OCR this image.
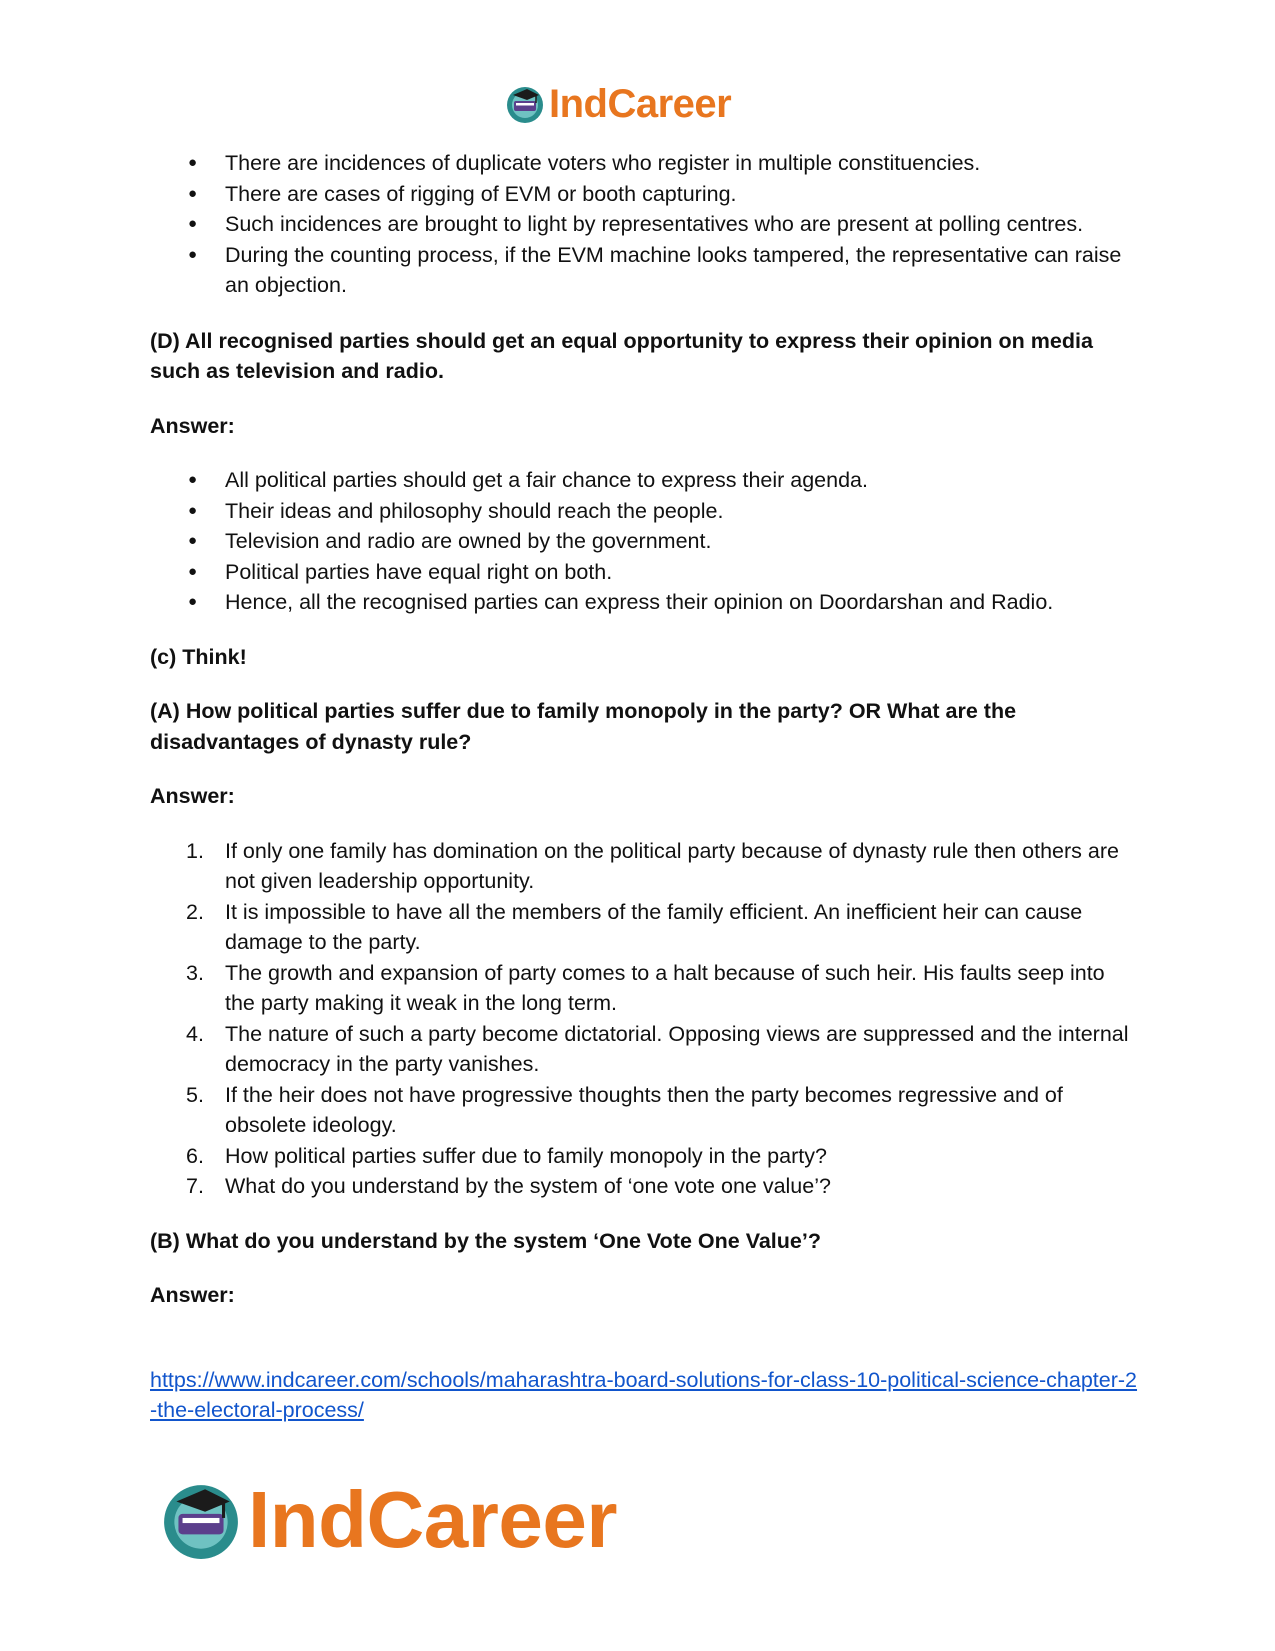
IndCareer
● There are incidences of duplicate voters who register in multiple constituencies.
● There are cases of rigging of EVM or booth capturing.
● Such incidences are brought to light by representatives who are present at polling centres.
● During the counting process, if the EVM machine looks tampered, the representative can raise an objection.

(D) All recognised parties should get an equal opportunity to express their opinion on media such as television and radio.

Answer:

● All political parties should get a fair chance to express their agenda.
● Their ideas and philosophy should reach the people.
● Television and radio are owned by the government.
● Political parties have equal right on both.
● Hence, all the recognised parties can express their opinion on Doordarshan and Radio.

(c) Think!

(A) How political parties suffer due to family monopoly in the party? OR What are the disadvantages of dynasty rule?

Answer:

1. If only one family has domination on the political party because of dynasty rule then others are not given leadership opportunity.
2. It is impossible to have all the members of the family efficient. An inefficient heir can cause damage to the party.
3. The growth and expansion of party comes to a halt because of such heir. His faults seep into the party making it weak in the long term.
4. The nature of such a party become dictatorial. Opposing views are suppressed and the internal democracy in the party vanishes.
5. If the heir does not have progressive thoughts then the party becomes regressive and of obsolete ideology.
6. How political parties suffer due to family monopoly in the party?
7. What do you understand by the system of ‘one vote one value’?

(B) What do you understand by the system ‘One Vote One Value’?

Answer:

https://www.indcareer.com/schools/maharashtra-board-solutions-for-class-10-political-science-chapter-2-the-electoral-process/
IndCareer
